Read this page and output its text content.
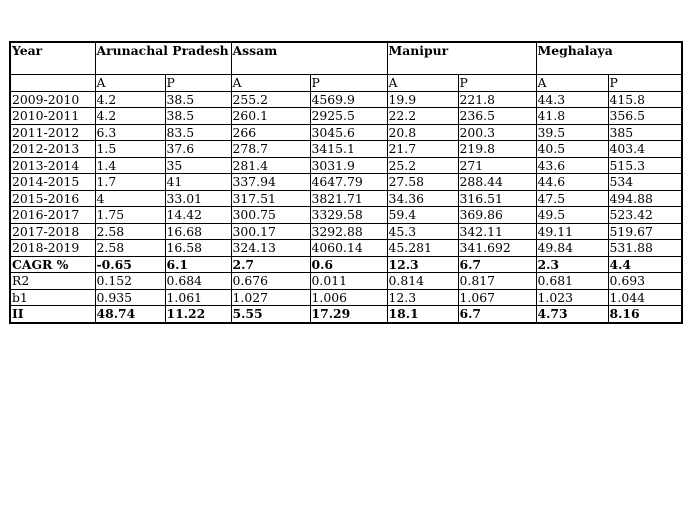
Year	Arunachal Pradesh		Assam		Manipur		Meghalaya	
	A	P	A	P	A	P	A	P
2009-2010	4.2	38.5	255.2	4569.9	19.9	221.8	44.3	415.8
2010-2011	4.2	38.5	260.1	2925.5	22.2	236.5	41.8	356.5
2011-2012	6.3	83.5	266	3045.6	20.8	200.3	39.5	385
2012-2013	1.5	37.6	278.7	3415.1	21.7	219.8	40.5	403.4
2013-2014	1.4	35	281.4	3031.9	25.2	271	43.6	515.3
2014-2015	1.7	41	337.94	4647.79	27.58	288.44	44.6	534
2015-2016	4	33.01	317.51	3821.71	34.36	316.51	47.5	494.88
2016-2017	1.75	14.42	300.75	3329.58	59.4	369.86	49.5	523.42
2017-2018	2.58	16.68	300.17	3292.88	45.3	342.11	49.11	519.67
2018-2019	2.58	16.58	324.13	4060.14	45.281	341.692	49.84	531.88
CAGR %	-0.65	6.1	2.7	0.6	12.3	6.7	2.3	4.4
R2	0.152	0.684	0.676	0.011	0.814	0.817	0.681	0.693
b1	0.935	1.061	1.027	1.006	12.3	1.067	1.023	1.044
II	48.74	11.22	5.55	17.29	18.1	6.7	4.73	8.16
